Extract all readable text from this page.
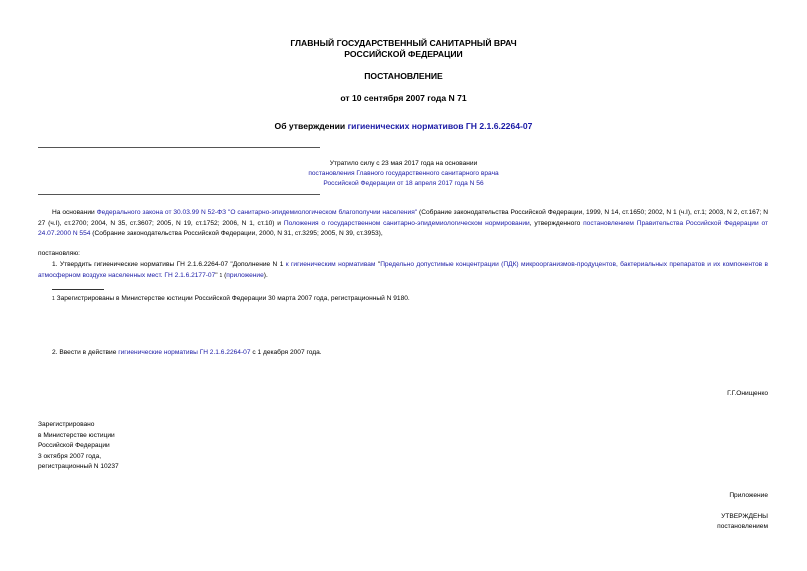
ГЛАВНЫЙ ГОСУДАРСТВЕННЫЙ САНИТАРНЫЙ ВРАЧ
РОССИЙСКОЙ ФЕДЕРАЦИИ
ПОСТАНОВЛЕНИЕ
от 10 сентября 2007 года N 71
Об утверждении гигиенических нормативов ГН 2.1.6.2264-07
Утратило силу с 23 мая 2017 года на основании
постановления Главного государственного санитарного врача
Российской Федерации от 18 апреля 2017 года N 56
На основании Федерального закона от 30.03.99 N 52-ФЗ "О санитарно-эпидемиологическом благополучии населения" (Собрание законодательства Российской Федерации, 1999, N 14, ст.1650; 2002, N 1 (ч.I), ст.1; 2003, N 2, ст.167; N 27 (ч.I), ст.2700; 2004, N 35, ст.3607; 2005, N 19, ст.1752; 2006, N 1, ст.10) и Положения о государственном санитарно-эпидемиологическом нормировании, утвержденного постановлением Правительства Российской Федерации от 24.07.2000 N 554 (Собрание законодательства Российской Федерации, 2000, N 31, ст.3295; 2005, N 39, ст.3953),
постановляю:
1. Утвердить гигиенические нормативы ГН 2.1.6.2264-07 "Дополнение N 1 к гигиеническим нормативам "Предельно допустимые концентрации (ПДК) микроорганизмов-продуцентов, бактериальных препаратов и их компонентов в атмосферном воздухе населенных мест. ГН 2.1.6.2177-07" $^1$ (приложение).
$^1$ Зарегистрированы в Министерстве юстиции Российской Федерации 30 марта 2007 года, регистрационный N 9180.
2. Ввести в действие гигиенические нормативы ГН 2.1.6.2264-07 с 1 декабря 2007 года.
Г.Г.Онищенко
Зарегистрировано
в Министерстве юстиции
Российской Федерации
3 октября 2007 года,
регистрационный N 10237
Приложение
УТВЕРЖДЕНЫ
постановлением
